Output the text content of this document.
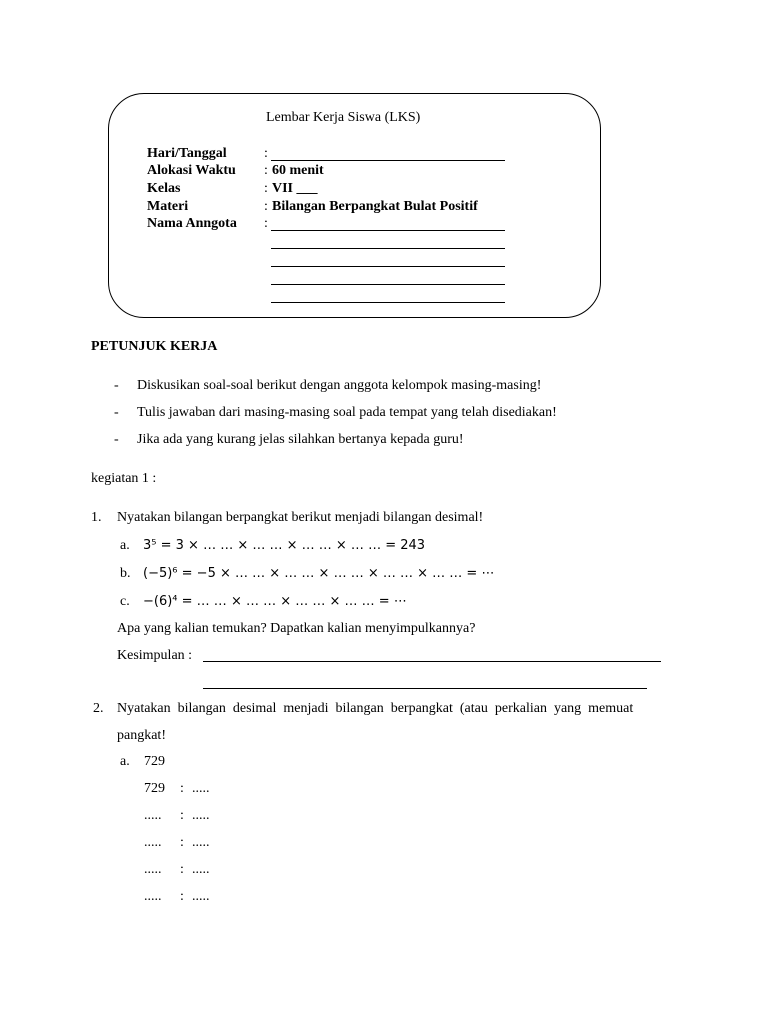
Lembar Kerja Siswa (LKS)
Hari/Tanggal	:
Alokasi Waktu : 60 menit
Kelas	: VII ___
Materi	: Bilangan Berpangkat Bulat Positif
Nama Anngota :
PETUNJUK KERJA
- Diskusikan soal-soal berikut dengan anggota kelompok masing-masing!
- Tulis jawaban dari masing-masing soal pada tempat yang telah disediakan!
- Jika ada yang kurang jelas silahkan bertanya kepada guru!
kegiatan 1 :
1. Nyatakan bilangan berpangkat berikut menjadi bilangan desimal!
a. 3⁵ = 3 × … … × … … × … … × … … = 243
b. (−5)⁶ = −5 × … … × … … × … … × … … × … … = ⋯
c. −(6)⁴ = … … × … … × … … × … … = ⋯
Apa yang kalian temukan? Dapatkan kalian menyimpulkannya?
Kesimpulan :
2. Nyatakan  bilangan  desimal  menjadi  bilangan  berpangkat  (atau  perkalian  yang  memuat
pangkat!
a. 729
729 : .....
..... : .....
..... : .....
..... : .....
..... : .....
